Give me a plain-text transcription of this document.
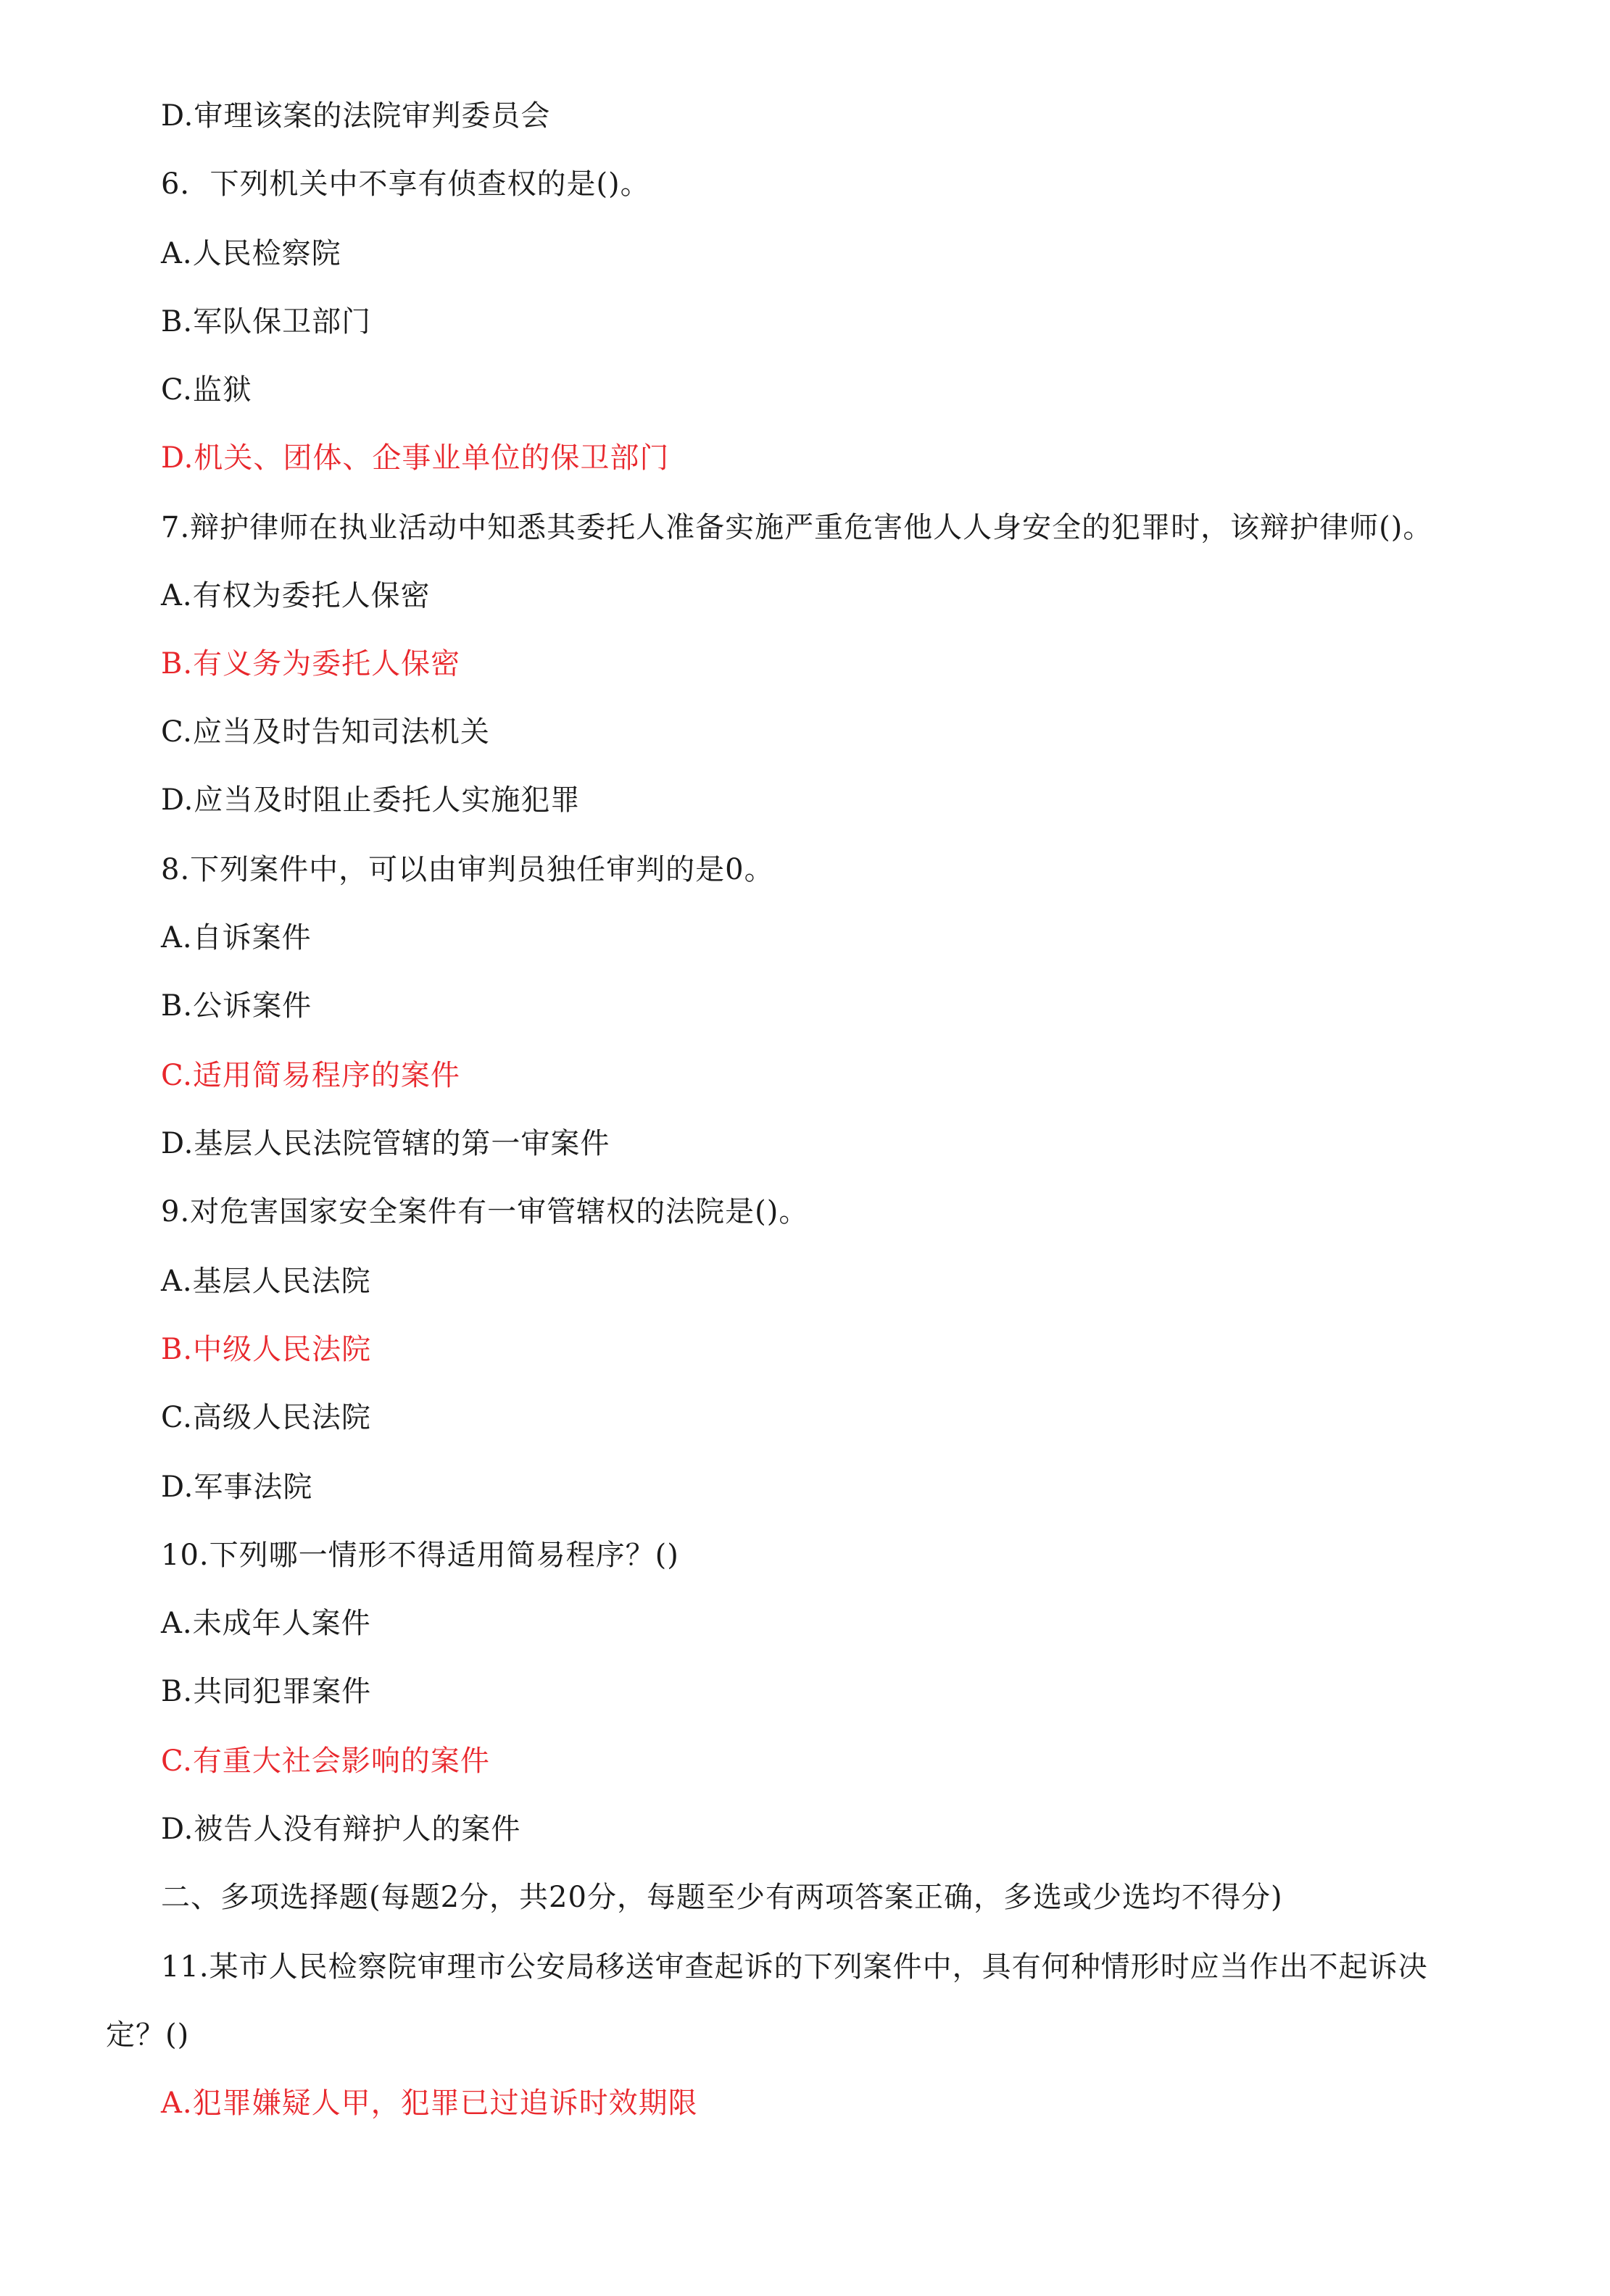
D.审理该案的法院审判委员会
6．下列机关中不享有侦查权的是()。
A.人民检察院
B.军队保卫部门
C.监狱
D.机关、团体、企事业单位的保卫部门
7.辩护律师在执业活动中知悉其委托人准备实施严重危害他人人身安全的犯罪时，该辩护律师()。
A.有权为委托人保密
B.有义务为委托人保密
C.应当及时告知司法机关
D.应当及时阻止委托人实施犯罪
8.下列案件中，可以由审判员独任审判的是0。
A.自诉案件
B.公诉案件
C.适用简易程序的案件
D.基层人民法院管辖的第一审案件
9.对危害国家安全案件有一审管辖权的法院是()。
A.基层人民法院
B.中级人民法院
C.高级人民法院
D.军事法院
10.下列哪一情形不得适用简易程序？()
A.未成年人案件
B.共同犯罪案件
C.有重大社会影响的案件
D.被告人没有辩护人的案件
二、多项选择题(每题2分，共20分，每题至少有两项答案正确，多选或少选均不得分)
11.某市人民检察院审理市公安局移送审查起诉的下列案件中，具有何种情形时应当作出不起诉决
定？()
A.犯罪嫌疑人甲，犯罪已过追诉时效期限
